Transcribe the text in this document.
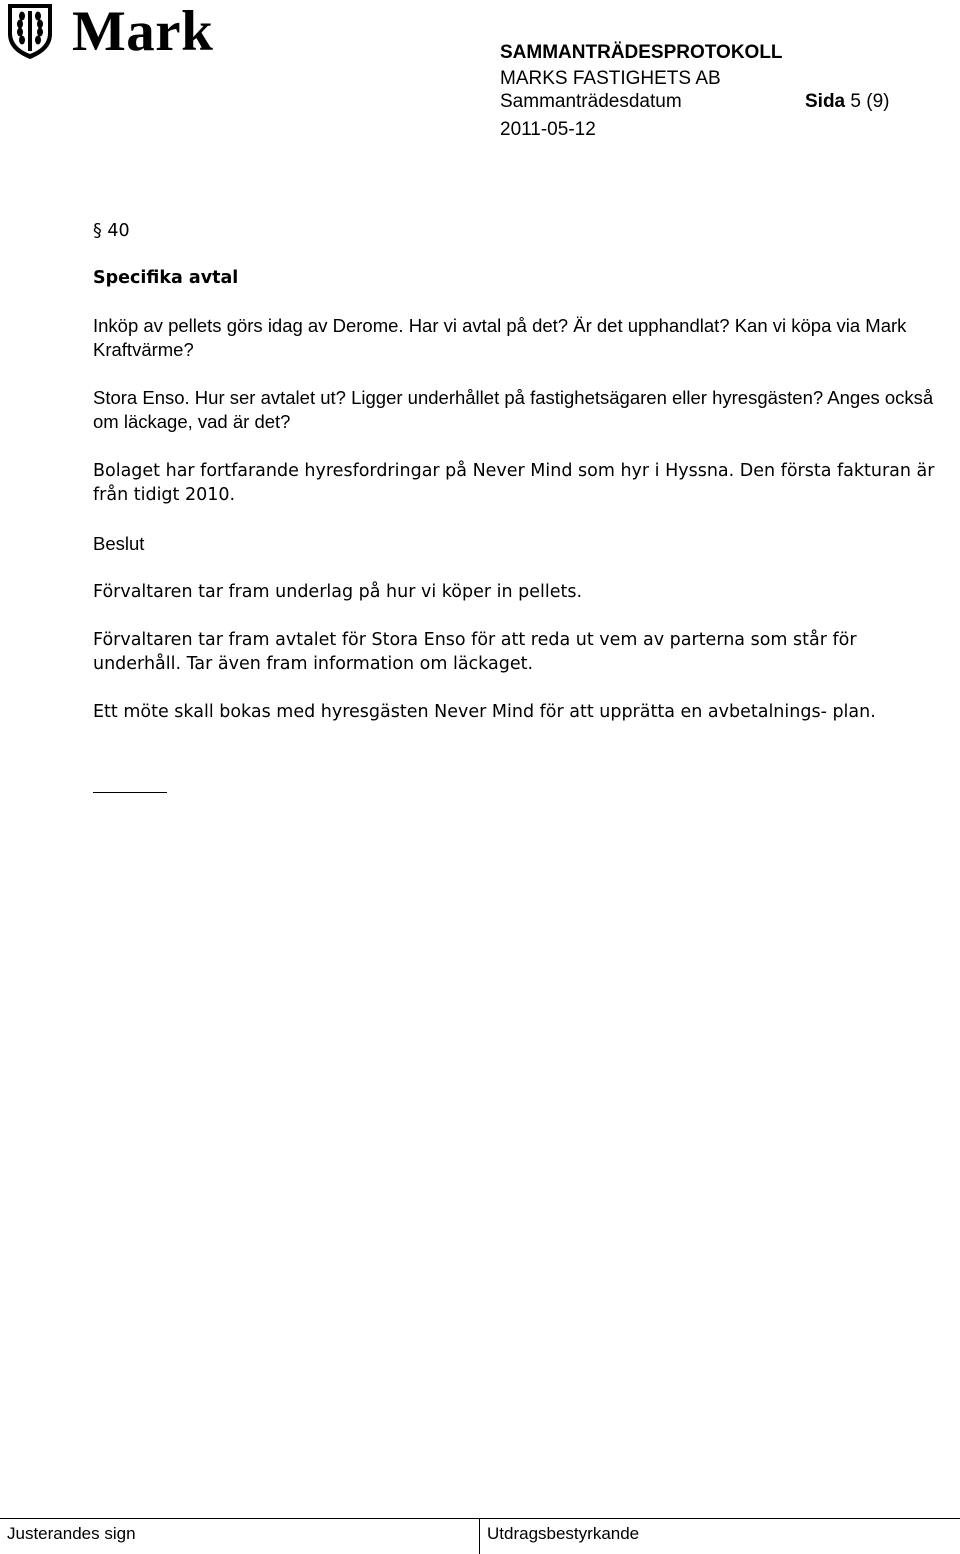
Mark	SAMMANTRÄDESPROTOKOLL
MARKS FASTIGHETS AB
Sammanträdesdatum	Sida 5 (9)
2011-05-12
§ 40
Specifika avtal
Inköp av pellets görs idag av Derome. Har vi avtal på det? Är det upphandlat? Kan vi köpa via Mark Kraftvärme?
Stora Enso. Hur ser avtalet ut? Ligger underhållet på fastighetsägaren eller hyresgästen? Anges också om läckage, vad är det?
Bolaget har fortfarande hyresfordringar på Never Mind som hyr i Hyssna. Den första fakturan är från tidigt 2010.
Beslut
Förvaltaren tar fram underlag på hur vi köper in pellets.
Förvaltaren tar fram avtalet för Stora Enso för att reda ut vem av parterna som står för underhåll. Tar även fram information om läckaget.
Ett möte skall bokas med hyresgästen Never Mind för att upprätta en avbetalnings- plan.
Justerandes sign	Utdragsbestyrkande
